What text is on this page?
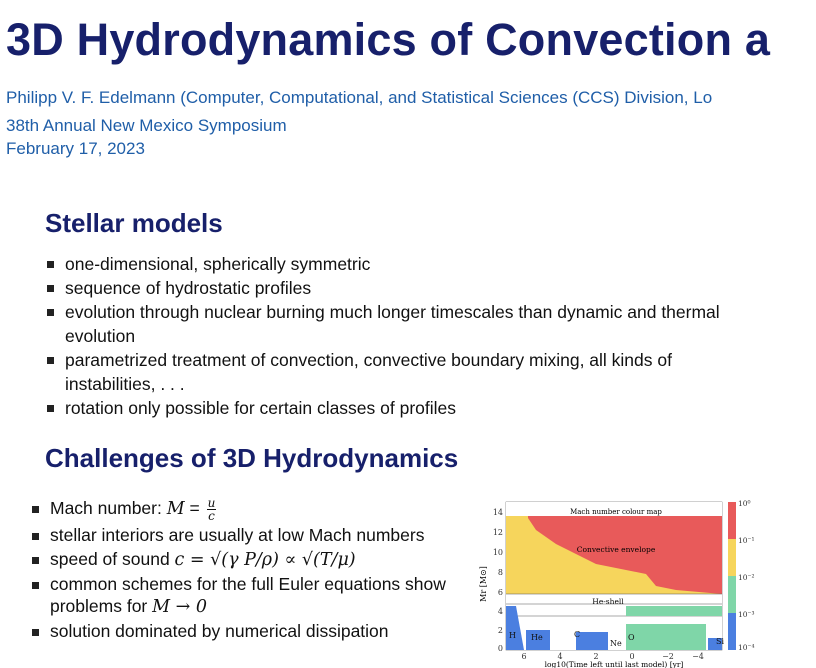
3D Hydrodynamics of Convection a
Philipp V. F. Edelmann (Computer, Computational, and Statistical Sciences (CCS) Division, Lo
38th Annual New Mexico Symposium
February 17, 2023
Stellar models
one-dimensional, spherically symmetric
sequence of hydrostatic profiles
evolution through nuclear burning much longer timescales than dynamic and thermal evolution
parametrized treatment of convection, convective boundary mixing, all kinds of instabilities, . . .
rotation only possible for certain classes of profiles
Challenges of 3D Hydrodynamics
Mach number: $M = \frac{u}{c}$
stellar interiors are usually at low Mach numbers
speed of sound c = √(γ P/ρ) ∝ √(T/μ)
common schemes for the full Euler equations show problems for M → 0
solution dominated by numerical dissipation
Mach number colour map
Convective envelope
He-shell
H He	C	O
Ne	Si
14
12
10
8
6
4
2
0
Mr [M⊙]
6	4	2	0	−2 −4
log10(Time left until last model) [yr]
10⁰
10⁻¹
10⁻²
10⁻³
10⁻⁴
